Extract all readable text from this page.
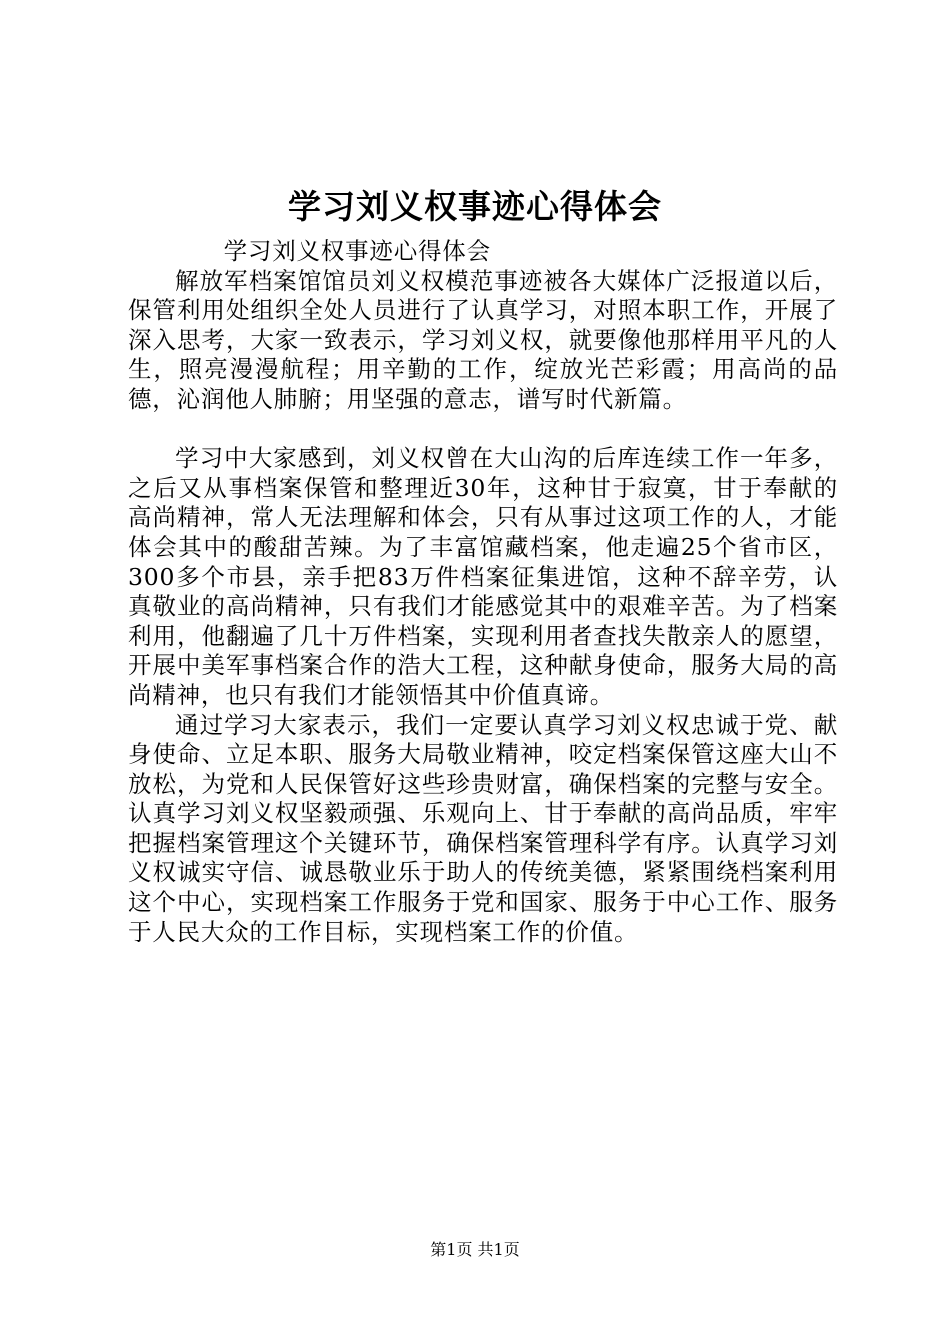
学习刘义权事迹心得体会

  学习刘义权事迹心得体会

解放军档案馆馆员刘义权模范事迹被各大媒体广泛报道以后，保管利用处组织全处人员进行了认真学习，对照本职工作，开展了深入思考，大家一致表示，学习刘义权，就要像他那样用平凡的人生，照亮漫漫航程；用辛勤的工作，绽放光芒彩霞；用高尚的品德，沁润他人肺腑；用坚强的意志，谱写时代新篇。

学习中大家感到，刘义权曾在大山沟的后库连续工作一年多，之后又从事档案保管和整理近30年，这种甘于寂寞，甘于奉献的高尚精神，常人无法理解和体会，只有从事过这项工作的人，才能体会其中的酸甜苦辣。为了丰富馆藏档案，他走遍25个省市区，300多个市县，亲手把83万件档案征集进馆，这种不辞辛劳，认真敬业的高尚精神，只有我们才能感觉其中的艰难辛苦。为了档案利用，他翻遍了几十万件档案，实现利用者查找失散亲人的愿望，开展中美军事档案合作的浩大工程，这种献身使命，服务大局的高尚精神，也只有我们才能领悟其中价值真谛。

通过学习大家表示，我们一定要认真学习刘义权忠诚于党、献身使命、立足本职、服务大局敬业精神，咬定档案保管这座大山不放松，为党和人民保管好这些珍贵财富，确保档案的完整与安全。认真学习刘义权坚毅顽强、乐观向上、甘于奉献的高尚品质，牢牢把握档案管理这个关键环节，确保档案管理科学有序。认真学习刘义权诚实守信、诚恳敬业乐于助人的传统美德，紧紧围绕档案利用这个中心，实现档案工作服务于党和国家、服务于中心工作、服务于人民大众的工作目标，实现档案工作的价值。

第1页 共1页
